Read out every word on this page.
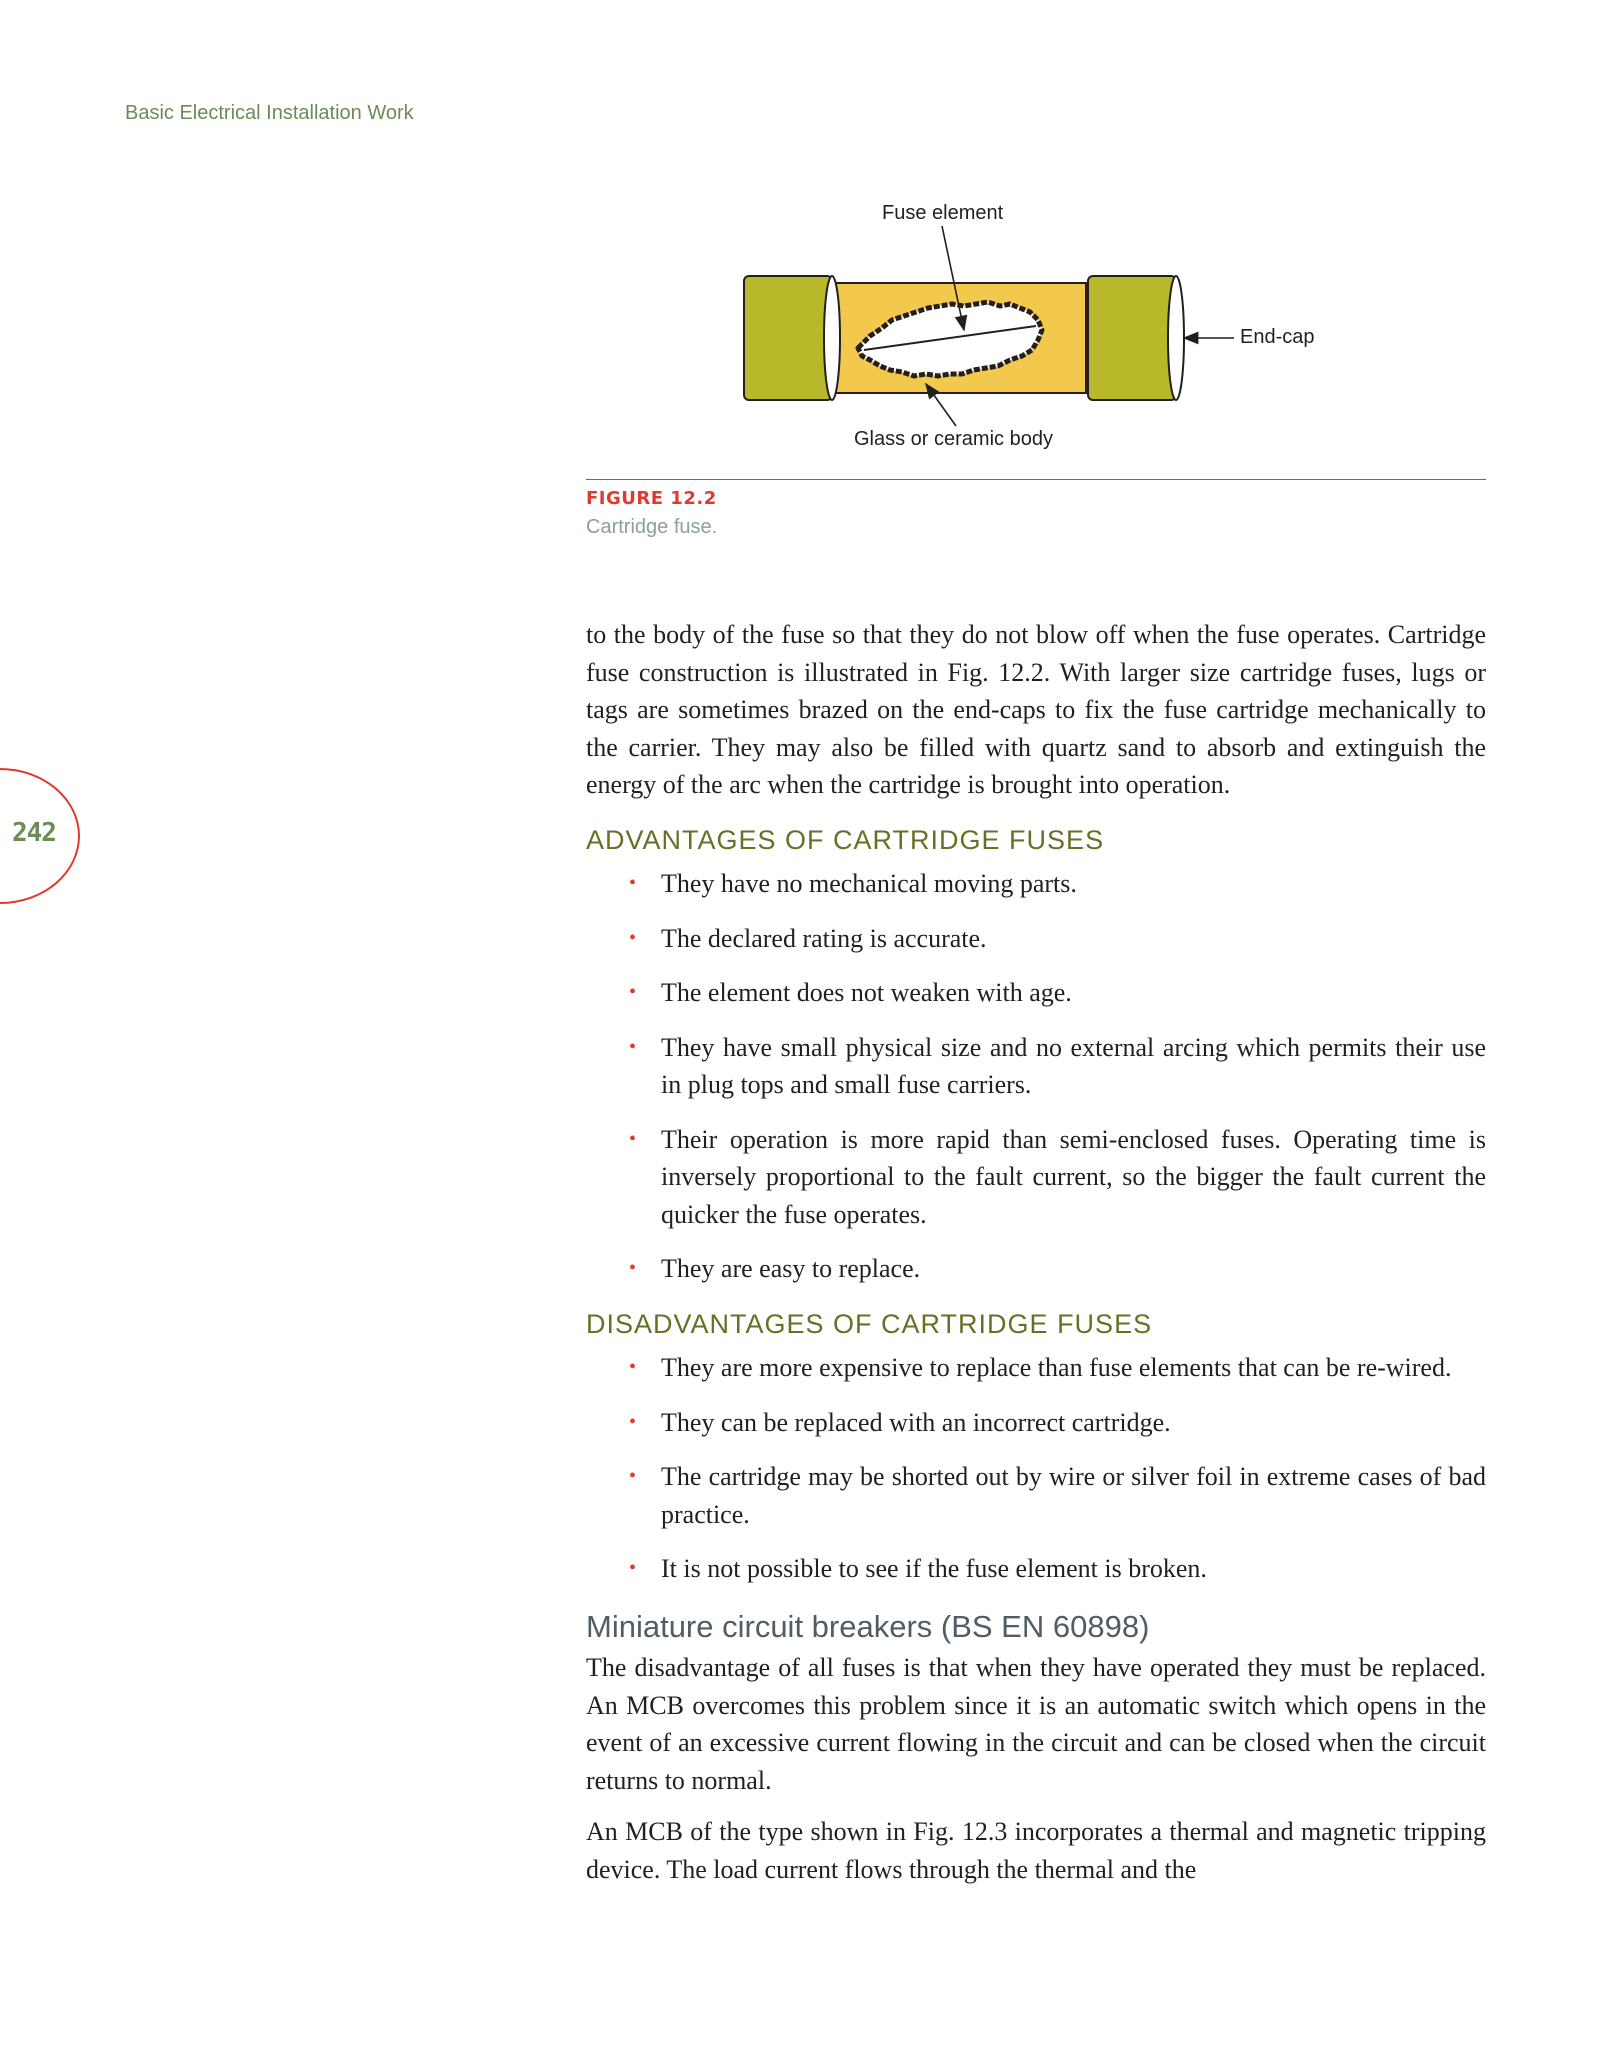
Basic Electrical Installation Work
242
Fuse element
End-cap
Glass or ceramic body
FIGURE 12.2
Cartridge fuse.

to the body of the fuse so that they do not blow off when the fuse operates. Cartridge fuse construction is illustrated in Fig. 12.2. With larger size cartridge fuses, lugs or tags are sometimes brazed on the end-caps to fix the fuse cartridge mechanically to the carrier. They may also be filled with quartz sand to absorb and extinguish the energy of the arc when the cartridge is brought into operation.

ADVANTAGES OF CARTRIDGE FUSES
• They have no mechanical moving parts.
• The declared rating is accurate.
• The element does not weaken with age.
• They have small physical size and no external arcing which permits their use in plug tops and small fuse carriers.
• Their operation is more rapid than semi-enclosed fuses. Operating time is inversely proportional to the fault current, so the bigger the fault current the quicker the fuse operates.
• They are easy to replace.
DISADVANTAGES OF CARTRIDGE FUSES
• They are more expensive to replace than fuse elements that can be re-wired.
• They can be replaced with an incorrect cartridge.
• The cartridge may be shorted out by wire or silver foil in extreme cases of bad practice.
• It is not possible to see if the fuse element is broken.
Miniature circuit breakers (BS EN 60898)

The disadvantage of all fuses is that when they have operated they must be replaced. An MCB overcomes this problem since it is an automatic switch which opens in the event of an excessive current flowing in the circuit and can be closed when the circuit returns to normal.

An MCB of the type shown in Fig. 12.3 incorporates a thermal and magnetic tripping device. The load current flows through the thermal and the
